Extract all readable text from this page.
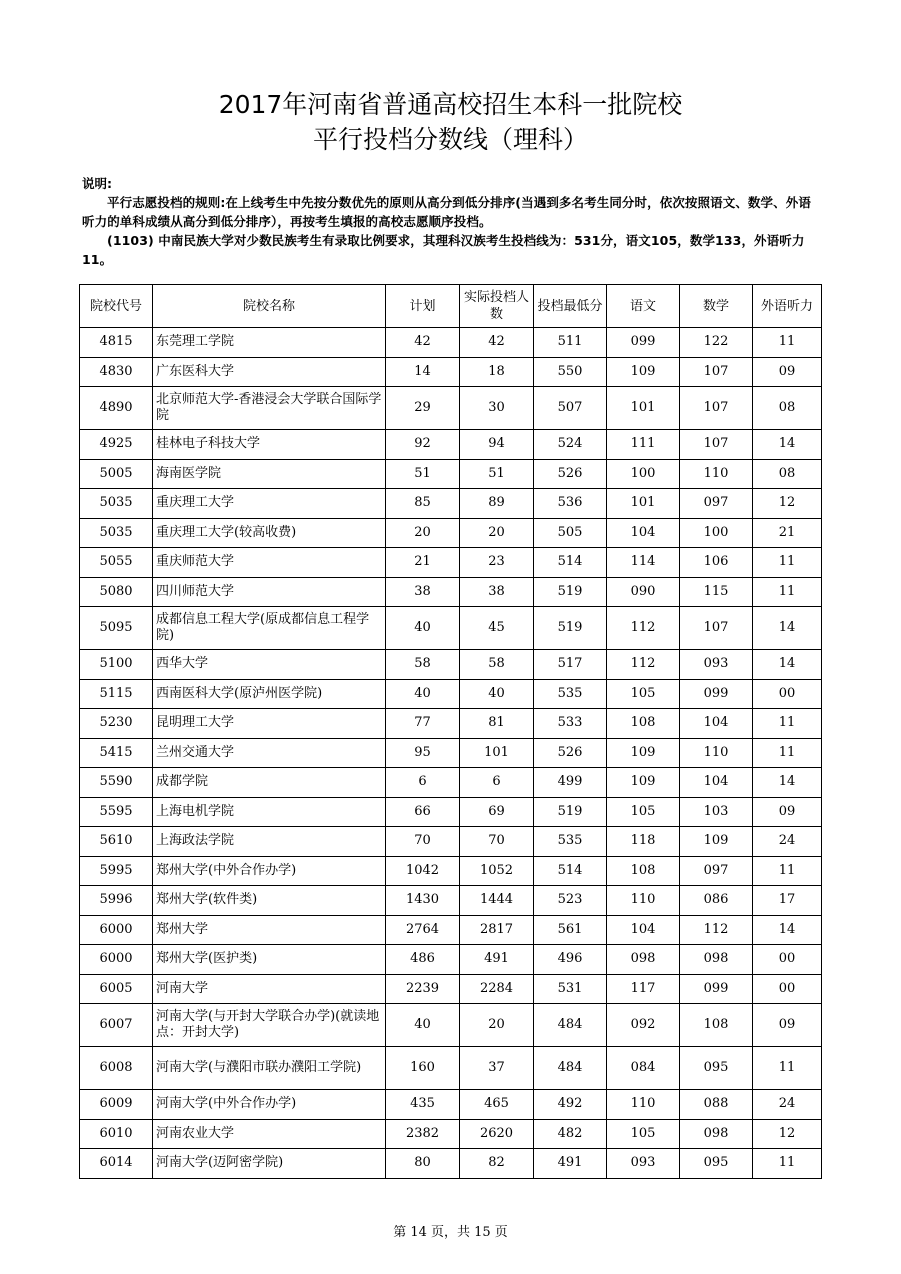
2017年河南省普通高校招生本科一批院校
平行投档分数线（理科）
说明:
平行志愿投档的规则:在上线考生中先按分数优先的原则从高分到低分排序(当遇到多名考生同分时，依次按照语文、数学、外语听力的单科成绩从高分到低分排序），再按考生填报的高校志愿顺序投档。
(1103) 中南民族大学对少数民族考生有录取比例要求，其理科汉族考生投档线为：531分，语文105，数学133，外语听力11。
院校代号	院校名称	计划	实际投档人数	投档最低分	语文	数学	外语听力
4815	东莞理工学院	42	42	511	099	122	11
4830	广东医科大学	14	18	550	109	107	09
4890	北京师范大学-香港浸会大学联合国际学院	29	30	507	101	107	08
4925	桂林电子科技大学	92	94	524	111	107	14
5005	海南医学院	51	51	526	100	110	08
5035	重庆理工大学	85	89	536	101	097	12
5035	重庆理工大学(较高收费)	20	20	505	104	100	21
5055	重庆师范大学	21	23	514	114	106	11
5080	四川师范大学	38	38	519	090	115	11
5095	成都信息工程大学(原成都信息工程学院)	40	45	519	112	107	14
5100	西华大学	58	58	517	112	093	14
5115	西南医科大学(原泸州医学院)	40	40	535	105	099	00
5230	昆明理工大学	77	81	533	108	104	11
5415	兰州交通大学	95	101	526	109	110	11
5590	成都学院	6	6	499	109	104	14
5595	上海电机学院	66	69	519	105	103	09
5610	上海政法学院	70	70	535	118	109	24
5995	郑州大学(中外合作办学)	1042	1052	514	108	097	11
5996	郑州大学(软件类)	1430	1444	523	110	086	17
6000	郑州大学	2764	2817	561	104	112	14
6000	郑州大学(医护类)	486	491	496	098	098	00
6005	河南大学	2239	2284	531	117	099	00
6007	河南大学(与开封大学联合办学)(就读地点：开封大学)	40	20	484	092	108	09
6008	河南大学(与濮阳市联办濮阳工学院)	160	37	484	084	095	11
6009	河南大学(中外合作办学)	435	465	492	110	088	24
6010	河南农业大学	2382	2620	482	105	098	12
6014	河南大学(迈阿密学院)	80	82	491	093	095	11
第 14 页，共 15 页
